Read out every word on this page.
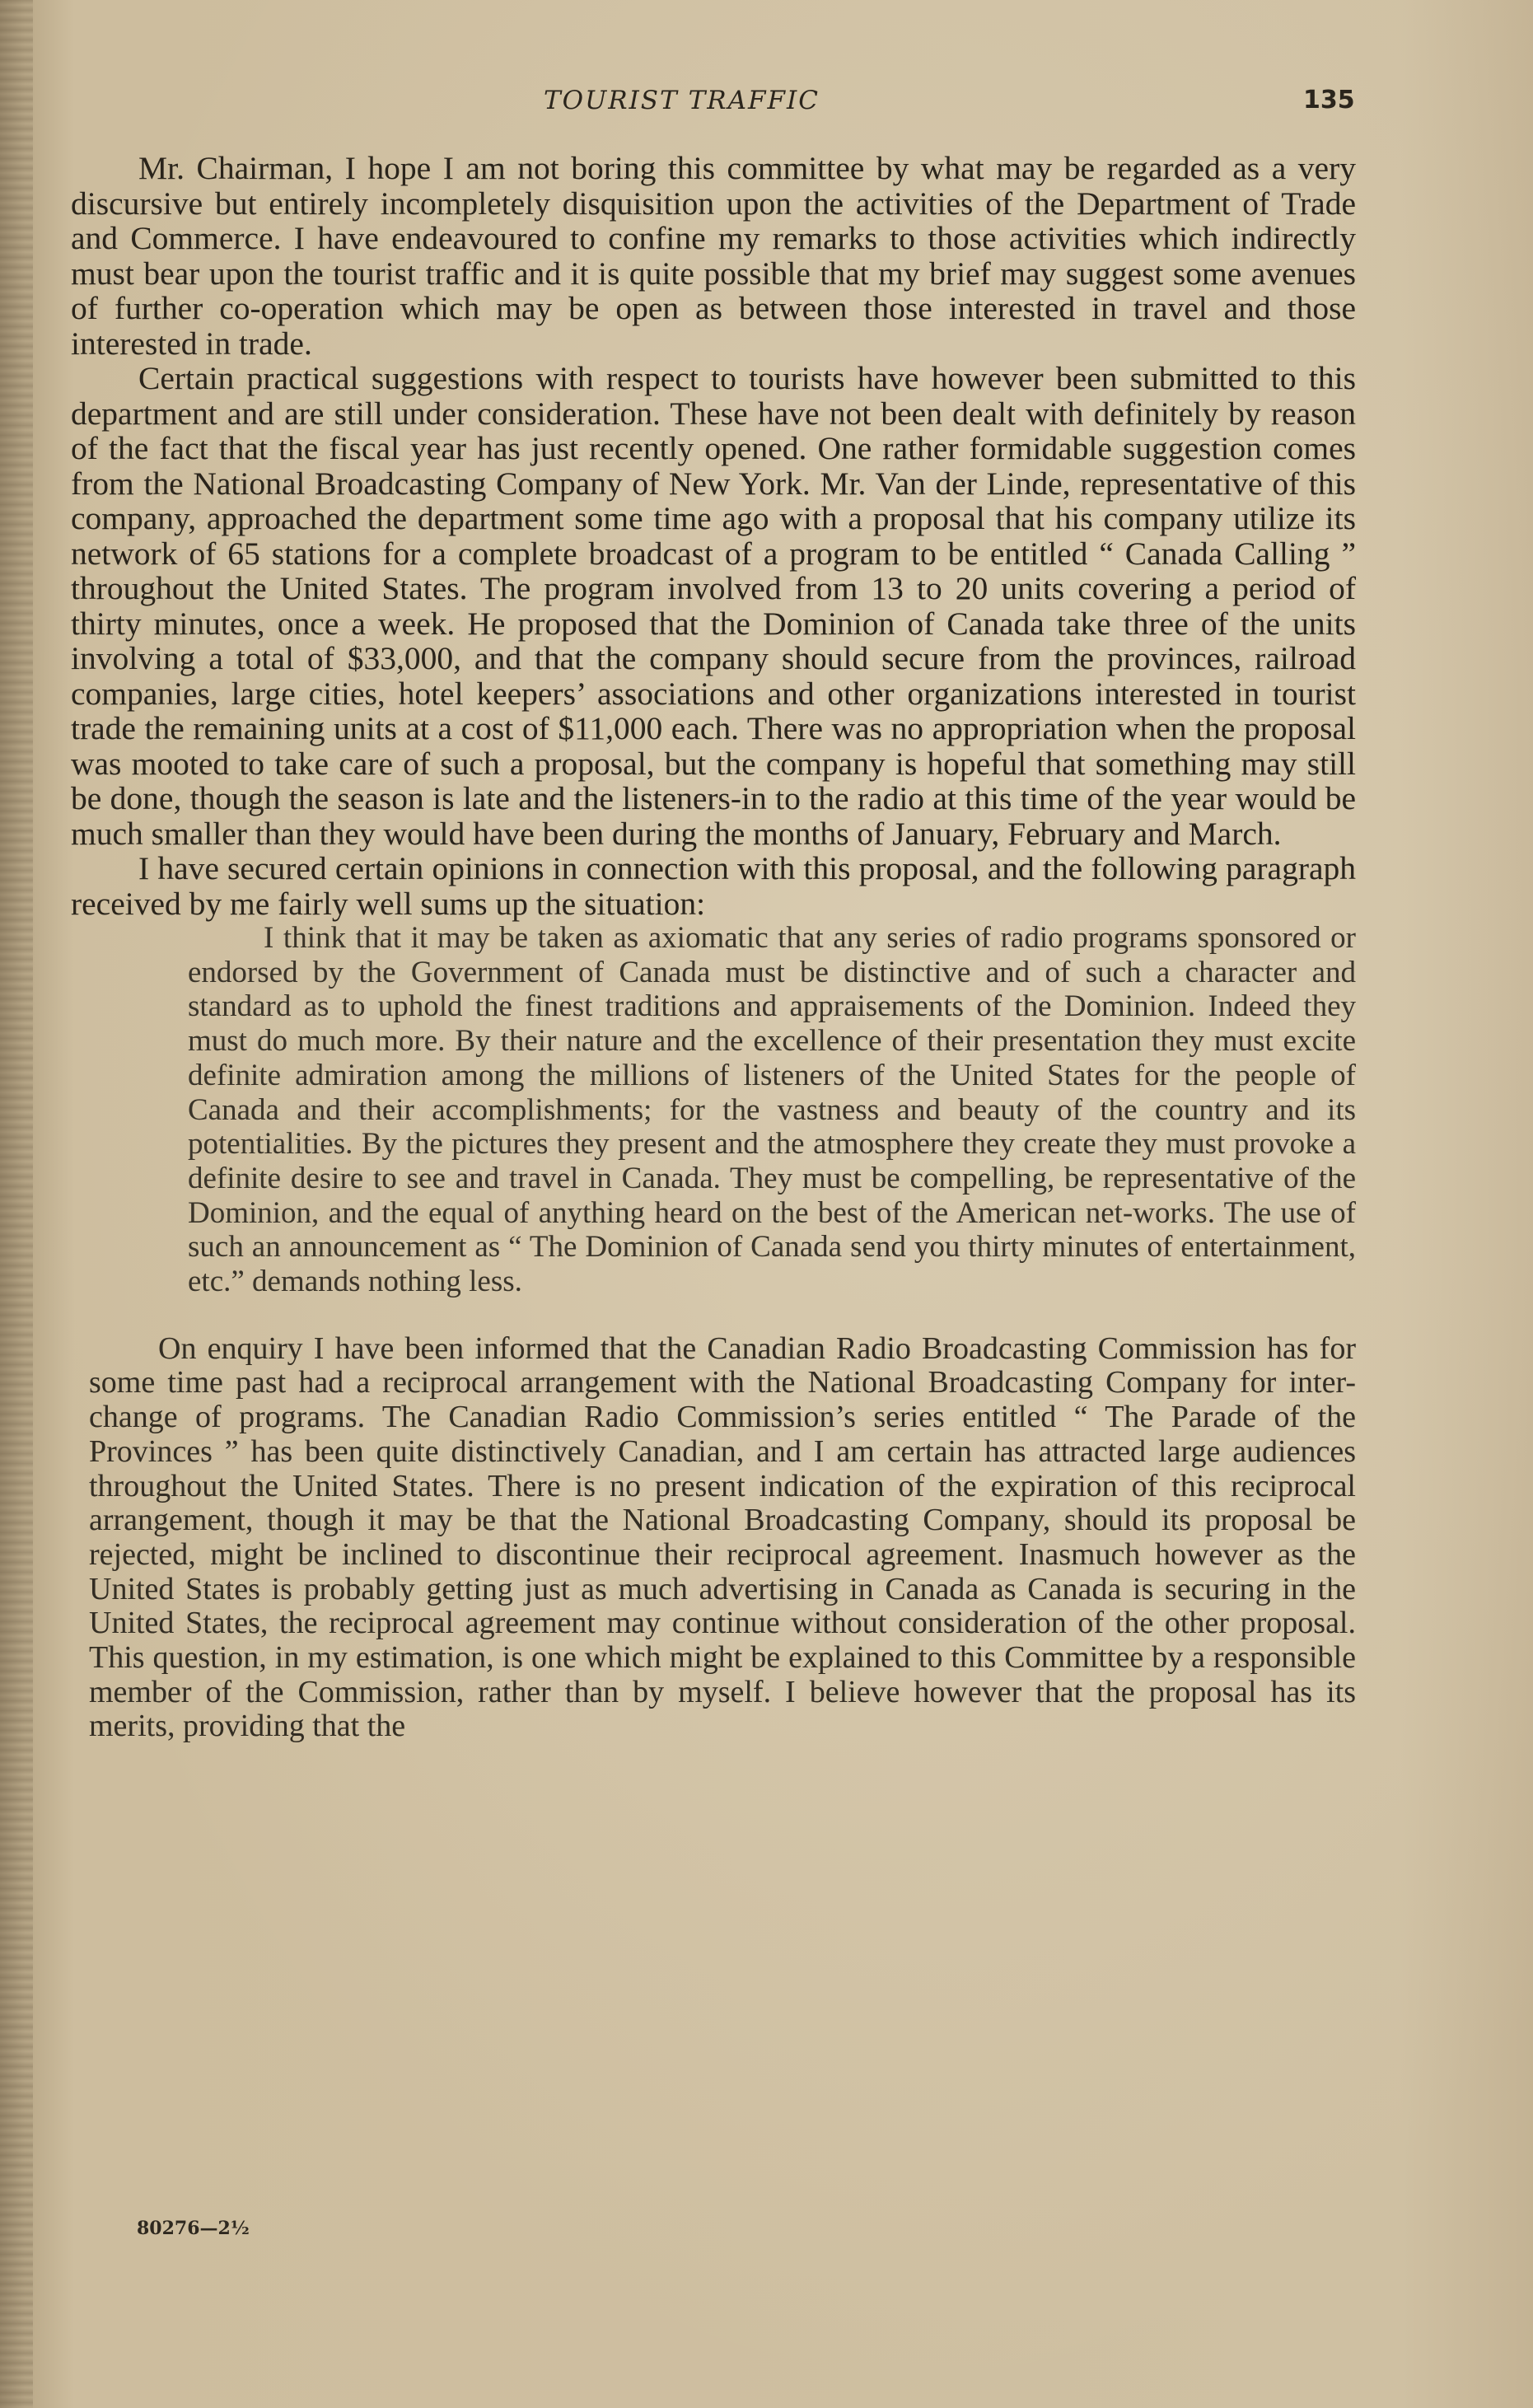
TOURIST TRAFFIC	135

Mr. Chairman, I hope I am not boring this committee by what may be regarded as a very discursive but entirely incompletely disquisition upon the activities of the Department of Trade and Commerce. I have endeavoured to confine my remarks to those activities which indirectly must bear upon the tourist traffic and it is quite possible that my brief may suggest some avenues of further co-operation which may be open as between those interested in travel and those interested in trade.

Certain practical suggestions with respect to tourists have however been submitted to this department and are still under consideration. These have not been dealt with definitely by reason of the fact that the fiscal year has just recently opened. One rather formidable suggestion comes from the National Broadcasting Company of New York. Mr. Van der Linde, representative of this company, approached the department some time ago with a proposal that his company utilize its network of 65 stations for a complete broadcast of a program to be entitled “ Canada Calling ” throughout the United States. The program involved from 13 to 20 units covering a period of thirty minutes, once a week. He proposed that the Dominion of Canada take three of the units involving a total of $33,000, and that the company should secure from the provinces, railroad companies, large cities, hotel keepers’ associations and other organizations interested in tourist trade the remaining units at a cost of $11,000 each. There was no appropriation when the proposal was mooted to take care of such a proposal, but the company is hopeful that something may still be done, though the season is late and the listeners-in to the radio at this time of the year would be much smaller than they would have been during the months of January, February and March.

I have secured certain opinions in connection with this proposal, and the following paragraph received by me fairly well sums up the situation:

I think that it may be taken as axiomatic that any series of radio programs sponsored or endorsed by the Government of Canada must be distinctive and of such a character and standard as to uphold the finest traditions and appraisements of the Dominion. Indeed they must do much more. By their nature and the excellence of their presentation they must excite definite admiration among the millions of listeners of the United States for the people of Canada and their accomplishments; for the vastness and beauty of the country and its potentialities. By the pictures they present and the atmosphere they create they must provoke a definite desire to see and travel in Canada. They must be compelling, be representative of the Dominion, and the equal of anything heard on the best of the American net-works. The use of such an announcement as “ The Dominion of Canada send you thirty minutes of entertainment, etc.” demands nothing less.

On enquiry I have been informed that the Canadian Radio Broadcasting Commission has for some time past had a reciprocal arrangement with the National Broadcasting Company for inter-change of programs. The Canadian Radio Commission’s series entitled “ The Parade of the Provinces ” has been quite distinctively Canadian, and I am certain has attracted large audiences throughout the United States. There is no present indication of the expiration of this reciprocal arrangement, though it may be that the National Broadcasting Company, should its proposal be rejected, might be inclined to discontinue their reciprocal agreement. Inasmuch however as the United States is probably getting just as much advertising in Canada as Canada is securing in the United States, the reciprocal agreement may continue without consideration of the other proposal. This question, in my estimation, is one which might be explained to this Committee by a responsible member of the Commission, rather than by myself. I believe however that the proposal has its merits, providing that the

80276—2½
